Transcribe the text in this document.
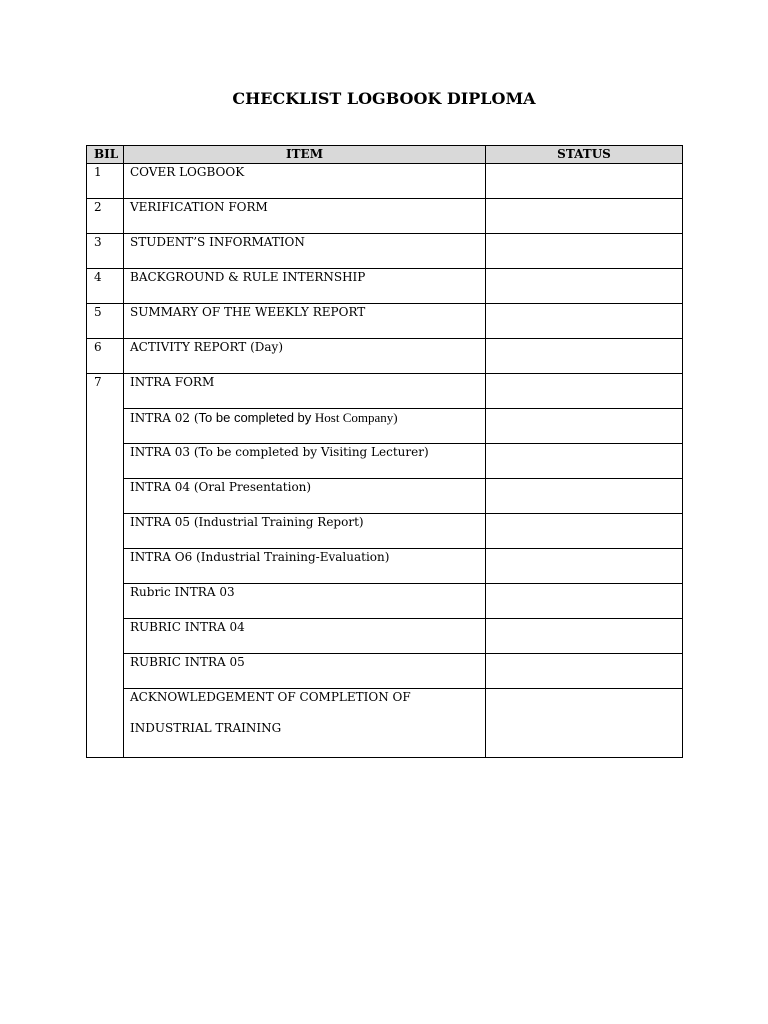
CHECKLIST LOGBOOK DIPLOMA
BIL	ITEM	STATUS
1	COVER LOGBOOK	
2	VERIFICATION FORM	
3	STUDENT’S INFORMATION	
4	BACKGROUND & RULE INTERNSHIP	
5	SUMMARY OF THE WEEKLY REPORT	
6	ACTIVITY REPORT (Day)	
7	INTRA FORM	
	INTRA 02 (To be completed by Host Company)	
	INTRA 03 (To be completed by Visiting Lecturer)	
	INTRA 04 (Oral Presentation)	
	INTRA 05 (Industrial Training Report)	
	INTRA O6 (Industrial Training-Evaluation)	
	Rubric INTRA 03	
	RUBRIC INTRA 04	
	RUBRIC INTRA 05	
	ACKNOWLEDGEMENT OF COMPLETION OF
INDUSTRIAL TRAINING	
